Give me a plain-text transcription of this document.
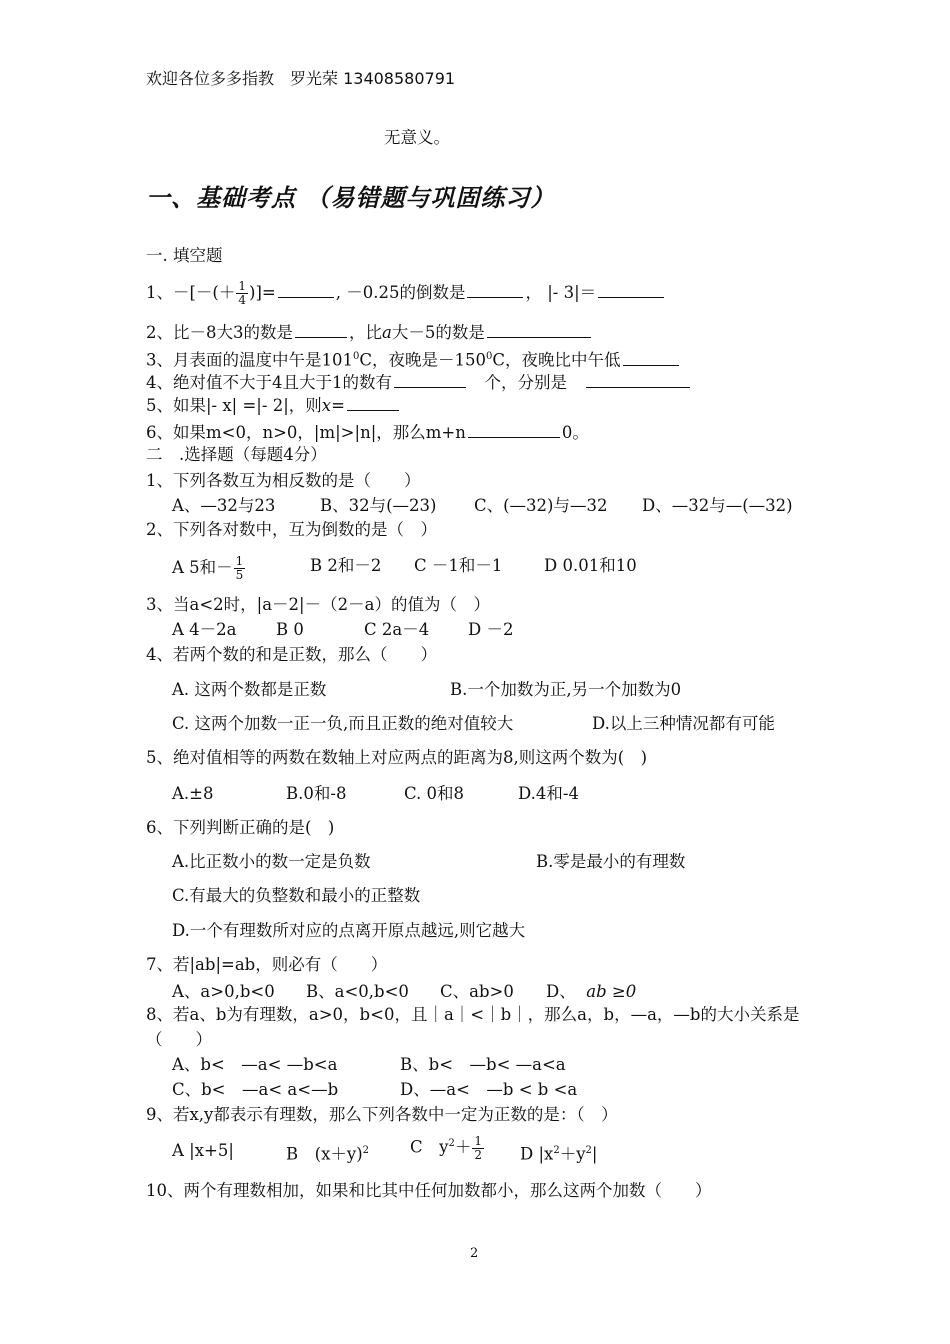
欢迎各位多多指教　罗光荣 13408580791
无意义。
一、基础考点 （易错题与巩固练习）
一. 填空题
1、－[－(＋ $\frac{1}{4}$ )]=	, －0.25的倒数是	， |- 3|＝
2、比－8大3的数是	，比a大－5的数是
3、月表面的温度中午是$101^0C$，夜晚是$-150^0C$，夜晚比中午低
4、绝对值不大于4且大于1的数有　	个，分别是　
5、如果|- x| =|- 2|，则x=
6、如果m<0，n>0，|m|>|n|，那么m+n	0。
二　.选择题（每题4分）
1、下列各数互为相反数的是（　　）
A、—32与23	B、32与(—23) C、(—32)与—32 D、—32与—(—32)
2、下列各对数中，互为倒数的是（　）
A 5和－ $\frac{1}{5}$	B 2和－2 C －1和－1	D 0.01和10
3、当a<2时，|a－2|－（2－a）的值为（　）
A 4－2a B 0	C 2a－4 D －2
4、若两个数的和是正数，那么（　　）
A. 这两个数都是正数	B.一个加数为正,另一个加数为0
C. 这两个加数一正一负,而且正数的绝对值较大	D.以上三种情况都有可能
5、绝对值相等的两数在数轴上对应两点的距离为8,则这两个数为(　)
A.±8	B.0和-8	C. 0和8	D.4和-4
6、下列判断正确的是(　)
A.比正数小的数一定是负数	B.零是最小的有理数
C.有最大的负整数和最小的正整数
D.一个有理数所对应的点离开原点越远,则它越大
7、若|ab|=ab，则必有（　　）
A、a>0,b<0 B、a<0,b<0 C、ab>0 D、 ab ≥0
8、若a、b为有理数，a>0，b<0，且｜a｜<｜b｜，那么a，b，—a，—b的大小关系是
（　　）
A、b<　—a< —b<a	B、b<　—b< —a<a
C、b<　—a< a<—b	D、—a<　—b < b <a
9、若x,y都表示有理数，那么下列各数中一定为正数的是：（　）
A |x+5|	B　$(x+y)^2$ C　$y^2+ \frac{1}{2}$ D $|x^2+y^2|$
10、两个有理数相加，如果和比其中任何加数都小，那么这两个加数（　　）
2
